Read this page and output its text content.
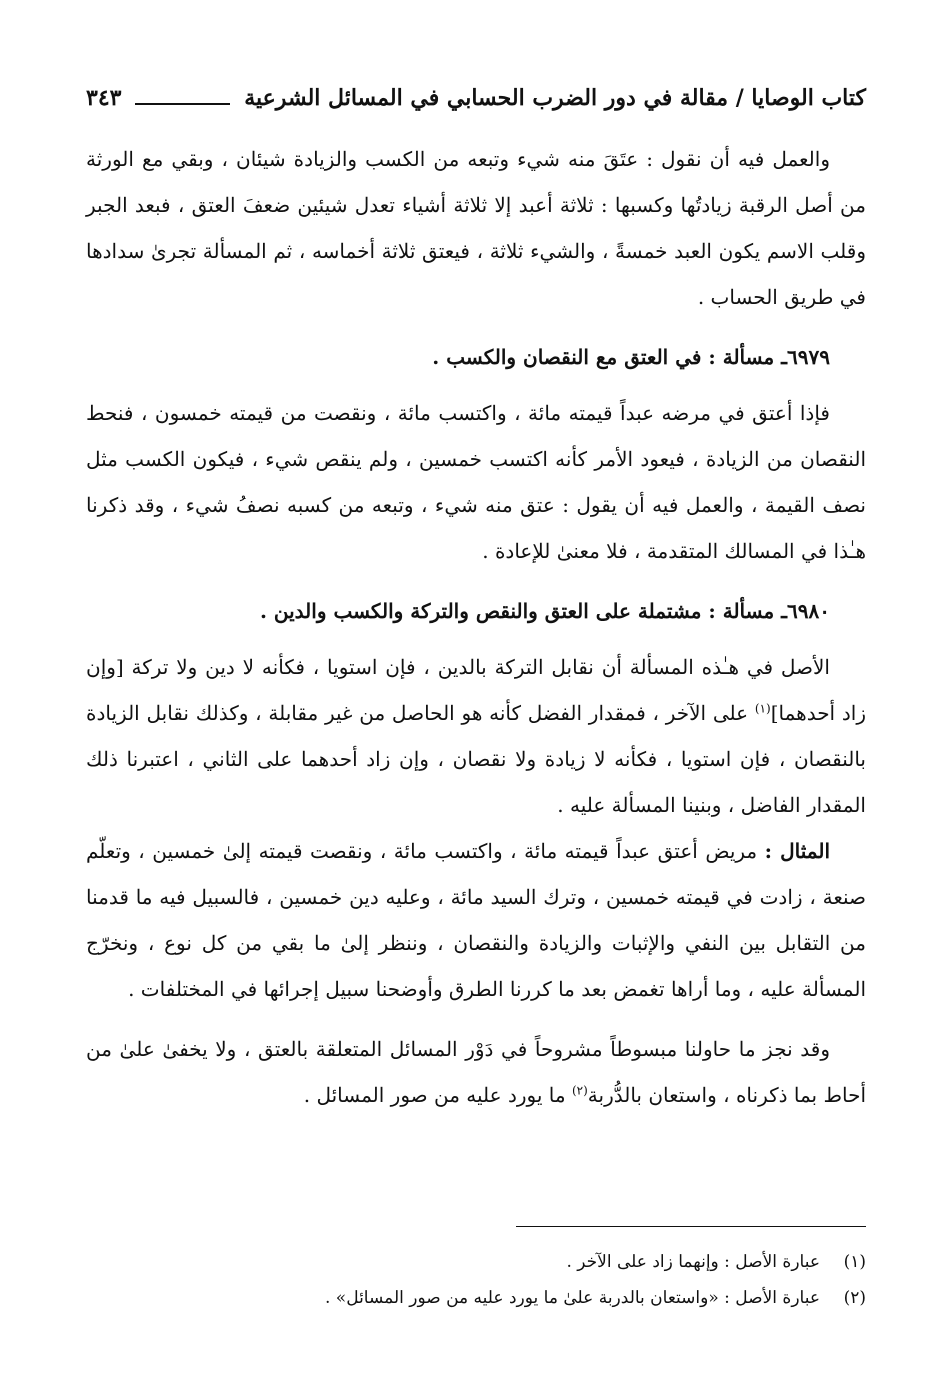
كتاب الوصايا / مقالة في دور الضرب الحسابي في المسائل الشرعية
٣٤٣

والعمل فيه أن نقول : عتَقَ منه شيء وتبعه من الكسب والزيادة شيئان ، وبقي مع الورثة من أصل الرقبة زيادتُها وكسبها : ثلاثة أعبد إلا ثلاثة أشياء تعدل شيئين ضعفَ العتق ، فبعد الجبر وقلب الاسم يكون العبد خمسةً ، والشيء ثلاثة ، فيعتق ثلاثة أخماسه ، ثم المسألة تجرىٰ سدادها في طريق الحساب .

٦٩٧٩ـ مسألة : في العتق مع النقصان والكسب .

فإذا أعتق في مرضه عبداً قيمته مائة ، واكتسب مائة ، ونقصت من قيمته خمسون ، فنحط النقصان من الزيادة ، فيعود الأمر كأنه اكتسب خمسين ، ولم ينقص شيء ، فيكون الكسب مثل نصف القيمة ، والعمل فيه أن يقول : عتق منه شيء ، وتبعه من كسبه نصفُ شيء ، وقد ذكرنا هـٰذا في المسالك المتقدمة ، فلا معنىٰ للإعادة .

٦٩٨٠ـ مسألة : مشتملة على العتق والنقص والتركة والكسب والدين .

الأصل في هـٰذه المسألة أن نقابل التركة بالدين ، فإن استويا ، فكأنه لا دين ولا تركة [وإن زاد أحدهما]$^{(١)}$ على الآخر ، فمقدار الفضل كأنه هو الحاصل من غير مقابلة ، وكذلك نقابل الزيادة بالنقصان ، فإن استويا ، فكأنه لا زيادة ولا نقصان ، وإن زاد أحدهما على الثاني ، اعتبرنا ذلك المقدار الفاضل ، وبنينا المسألة عليه .

المثال : مريض أعتق عبداً قيمته مائة ، واكتسب مائة ، ونقصت قيمته إلىٰ خمسين ، وتعلّم صنعة ، زادت في قيمته خمسين ، وترك السيد مائة ، وعليه دين خمسين ، فالسبيل فيه ما قدمنا من التقابل بين النفي والإثبات والزيادة والنقصان ، وننظر إلىٰ ما بقي من كل نوع ، ونخرّج المسألة عليه ، وما أراها تغمض بعد ما كررنا الطرق وأوضحنا سبيل إجرائها في المختلفات .

وقد نجز ما حاولنا مبسوطاً مشروحاً في دَوْر المسائل المتعلقة بالعتق ، ولا يخفىٰ علىٰ من أحاط بما ذكرناه ، واستعان بالدُّربة$^{(٢)}$ ما يورد عليه من صور المسائل .

(١)
عبارة الأصل : وإنهما زاد على الآخر .
(٢)
عبارة الأصل : «واستعان بالدربة علىٰ ما يورد عليه من صور المسائل» .
